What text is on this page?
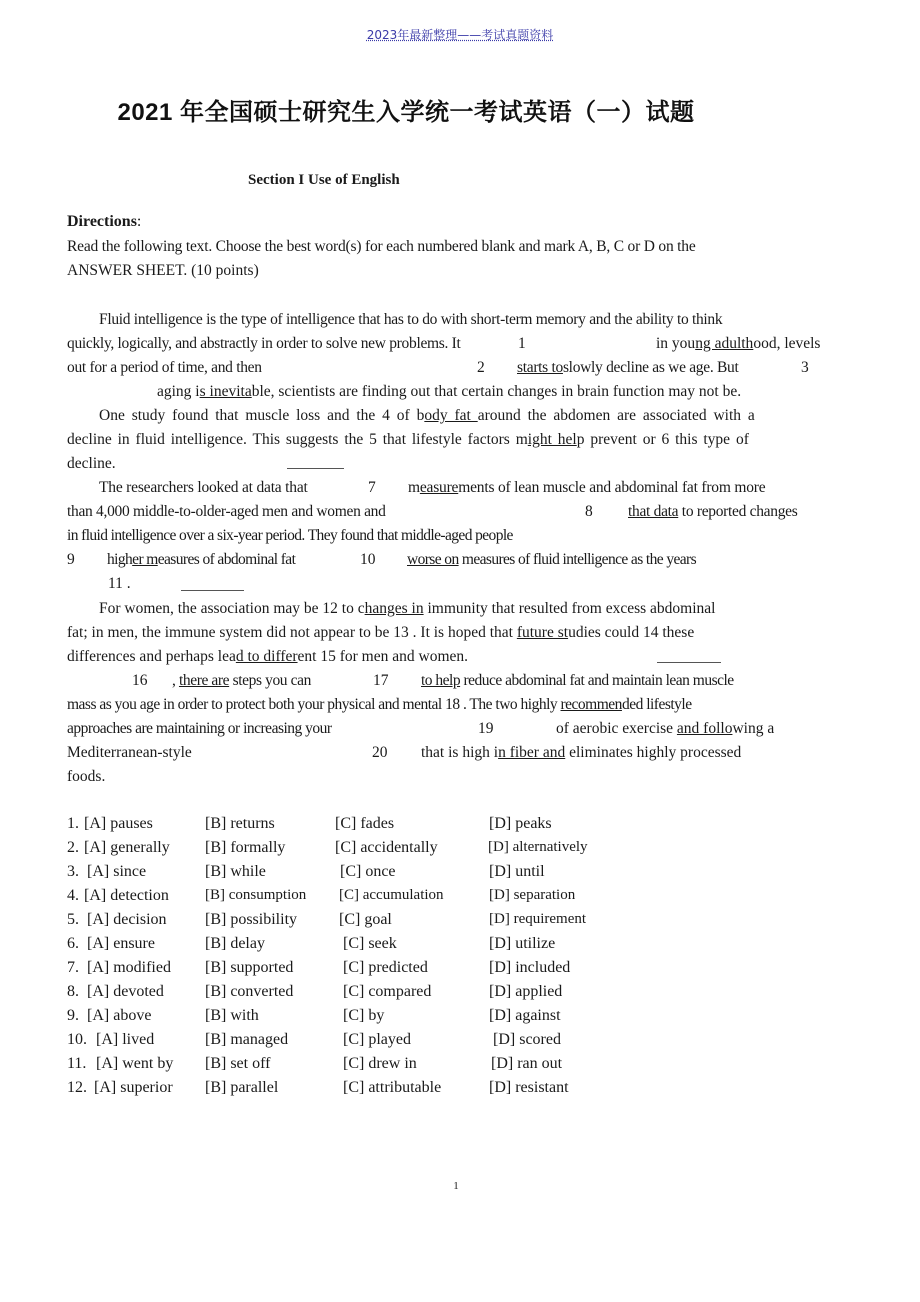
2023年最新整理——考试真题资料
2021 年全国硕士研究生入学统一考试英语（一）试题
Section I Use of English
Directions:
Read the following text. Choose the best word(s) for each numbered blank and mark A, B, C or D on the
ANSWER SHEET. (10 points)
Fluid intelligence is the type of intelligence that has to do with short-term memory and the ability to think
quickly, logically, and abstractly in order to solve new problems. It	1	in young adulthood, levels
out for a period of time, and then	2 starts toslowly decline as we age. But	3
aging is inevitable, scientists are finding out that certain changes in brain function may not be.
One study found that muscle loss and the 4 of body fat around the abdomen are associated with a
decline in fluid intelligence. This suggests the 5 that lifestyle factors might help prevent or 6 this type of
decline.
The researchers looked at data that	7 measurements of lean muscle and abdominal fat from more
than 4,000 middle-to-older-aged men and women and	8 that data to reported changes
in fluid intelligence over a six-year period. They found that middle-aged people
9 higher measures of abdominal fat	10 worse on measures of fluid intelligence as the years
11 .
For women, the association may be 12 to changes in immunity that resulted from excess abdominal
fat; in men, the immune system did not appear to be 13 . It is hoped that future studies could 14 these
differences and perhaps lead to different 15 for men and women.
16 , there are steps you can	17 to help reduce abdominal fat and maintain lean muscle
mass as you age in order to protect both your physical and mental 18 . The two highly recommended lifestyle
approaches are maintaining or increasing your	19	of aerobic exercise and following a
Mediterranean-style	20 that is high in fiber and eliminates highly processed
foods.
1. [A] pauses	[B] returns	[C] fades	[D] peaks
2. [A] generally [B] formally	[C] accidentally	[D] alternatively
3. [A] since	[B] while	[C] once	[D] until
4. [A] detection [B] consumption [C] accumulation	[D] separation
5. [A] decision [B] possibility	[C] goal	[D] requirement
6. [A] ensure	[B] delay	[C] seek	[D] utilize
7. [A] modified [B] supported	[C] predicted	[D] included
8. [A] devoted	[B] converted	[C] compared	[D] applied
9. [A] above	[B] with	[C] by	[D] against
10. [A] lived	[B] managed	[C] played	[D] scored
11. [A] went by [B] set off	[C] drew in	[D] ran out
12. [A] superior [B] parallel	[C] attributable	[D] resistant
1
